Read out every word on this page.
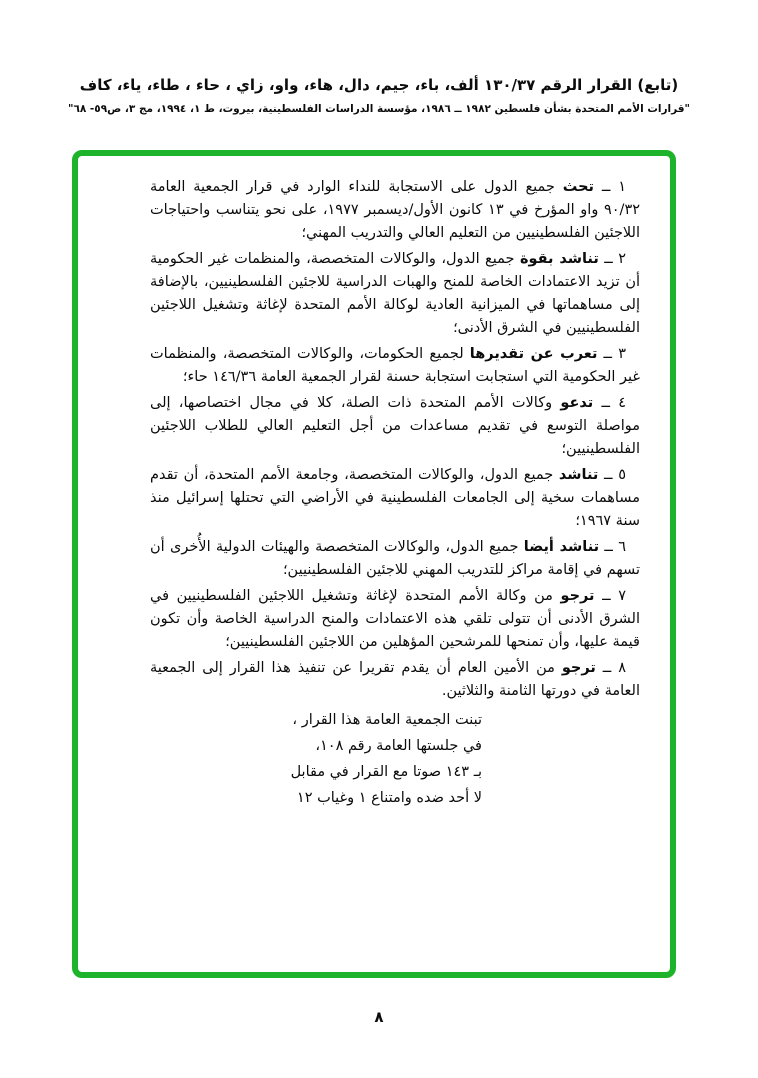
(تابع) القرار الرقم ١٣٠/٣٧ ألف، باء، جيم، دال، هاء، واو، زاي ، حاء ، طاء، ياء، كاف
"قرارات الأمم المتحدة بشأن فلسطين ١٩٨٢ ــ ١٩٨٦، مؤسسة الدراسات الفلسطينية، بيروت، ط ١، ١٩٩٤، مج ٣، ص٥٩- ٦٨"

١ ــ تحث جميع الدول على الاستجابة للنداء الوارد في قرار الجمعية العامة ٩٠/٣٢ واو المؤرخ في ١٣ كانون الأول/ديسمبر ١٩٧٧، على نحو يتناسب واحتياجات اللاجئين الفلسطينيين من التعليم العالي والتدريب المهني؛

٢ ــ تناشد بقوة جميع الدول، والوكالات المتخصصة، والمنظمات غير الحكومية أن تزيد الاعتمادات الخاصة للمنح والهبات الدراسية للاجئين الفلسطينيين، بالإضافة إلى مساهماتها في الميزانية العادية لوكالة الأمم المتحدة لإغاثة وتشغيل اللاجئين الفلسطينيين في الشرق الأدنى؛

٣ ــ تعرب عن تقديرها لجميع الحكومات، والوكالات المتخصصة، والمنظمات غير الحكومية التي استجابت استجابة حسنة لقرار الجمعية العامة ١٤٦/٣٦ حاء؛

٤ ــ تدعو وكالات الأمم المتحدة ذات الصلة، كلا في مجال اختصاصها، إلى مواصلة التوسع في تقديم مساعدات من أجل التعليم العالي للطلاب اللاجئين الفلسطينيين؛

٥ ــ تناشد جميع الدول، والوكالات المتخصصة، وجامعة الأمم المتحدة، أن تقدم مساهمات سخية إلى الجامعات الفلسطينية في الأراضي التي تحتلها إسرائيل منذ سنة ١٩٦٧؛

٦ ــ تناشد أيضا جميع الدول، والوكالات المتخصصة والهيئات الدولية الأُخرى أن تسهم في إقامة مراكز للتدريب المهني للاجئين الفلسطينيين؛

٧ ــ ترجو من وكالة الأمم المتحدة لإغاثة وتشغيل اللاجئين الفلسطينيين في الشرق الأدنى أن تتولى تلقي هذه الاعتمادات والمنح الدراسية الخاصة وأن تكون قيمة عليها، وأن تمنحها للمرشحين المؤهلين من اللاجئين الفلسطينيين؛

٨ ــ ترجو من الأمين العام أن يقدم تقريرا عن تنفيذ هذا القرار إلى الجمعية العامة في دورتها الثامنة والثلاثين.

تبنت الجمعية العامة هذا القرار ،
في جلستها العامة رقم ١٠٨،
بـ ١٤٣ صوتا مع القرار في مقابل
لا أحد ضده وامتناع ١ وغياب ١٢
٨
